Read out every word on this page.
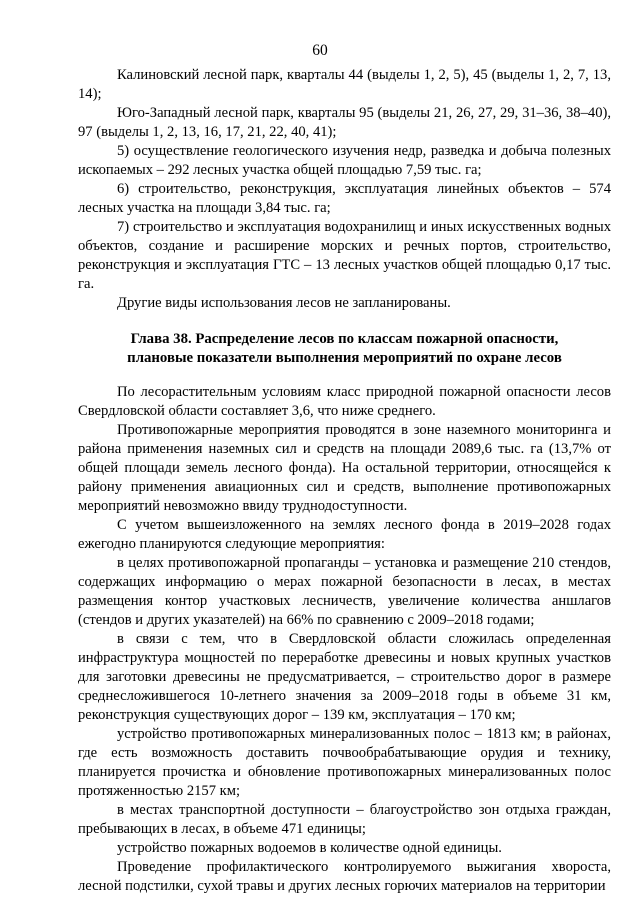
60

Калиновский лесной парк, кварталы 44 (выделы 1, 2, 5), 45 (выделы 1, 2, 7, 13, 14);

Юго-Западный лесной парк, кварталы 95 (выделы 21, 26, 27, 29, 31–36, 38–40), 97 (выделы 1, 2, 13, 16, 17, 21, 22, 40, 41);

5) осуществление геологического изучения недр, разведка и добыча полезных ископаемых – 292 лесных участка общей площадью 7,59 тыс. га;

6) строительство, реконструкция, эксплуатация линейных объектов – 574 лесных участка на площади 3,84 тыс. га;

7) строительство и эксплуатация водохранилищ и иных искусственных водных объектов, создание и расширение морских и речных портов, строительство, реконструкция и эксплуатация ГТС – 13 лесных участков общей площадью 0,17 тыс. га.

Другие виды использования лесов не запланированы.

Глава 38. Распределение лесов по классам пожарной опасности, плановые показатели выполнения мероприятий по охране лесов

По лесорастительным условиям класс природной пожарной опасности лесов Свердловской области составляет 3,6, что ниже среднего.

Противопожарные мероприятия проводятся в зоне наземного мониторинга и района применения наземных сил и средств на площади 2089,6 тыс. га (13,7% от общей площади земель лесного фонда). На остальной территории, относящейся к району применения авиационных сил и средств, выполнение противопожарных мероприятий невозможно ввиду труднодоступности.

С учетом вышеизложенного на землях лесного фонда в 2019–2028 годах ежегодно планируются следующие мероприятия:

в целях противопожарной пропаганды – установка и размещение 210 стендов, содержащих информацию о мерах пожарной безопасности в лесах, в местах размещения контор участковых лесничеств, увеличение количества аншлагов (стендов и других указателей) на 66% по сравнению с 2009–2018 годами;

в связи с тем, что в Свердловской области сложилась определенная инфраструктура мощностей по переработке древесины и новых крупных участков для заготовки древесины не предусматривается, – строительство дорог в размере среднесложившегося 10-летнего значения за 2009–2018 годы в объеме 31 км, реконструкция существующих дорог – 139 км, эксплуатация – 170 км;

устройство противопожарных минерализованных полос – 1813 км; в районах, где есть возможность доставить почвообрабатывающие орудия и технику, планируется прочистка и обновление противопожарных минерализованных полос протяженностью 2157 км;

в местах транспортной доступности – благоустройство зон отдыха граждан, пребывающих в лесах, в объеме 471 единицы;

устройство пожарных водоемов в количестве одной единицы.

Проведение профилактического контролируемого выжигания хвороста, лесной подстилки, сухой травы и других лесных горючих материалов на территории
